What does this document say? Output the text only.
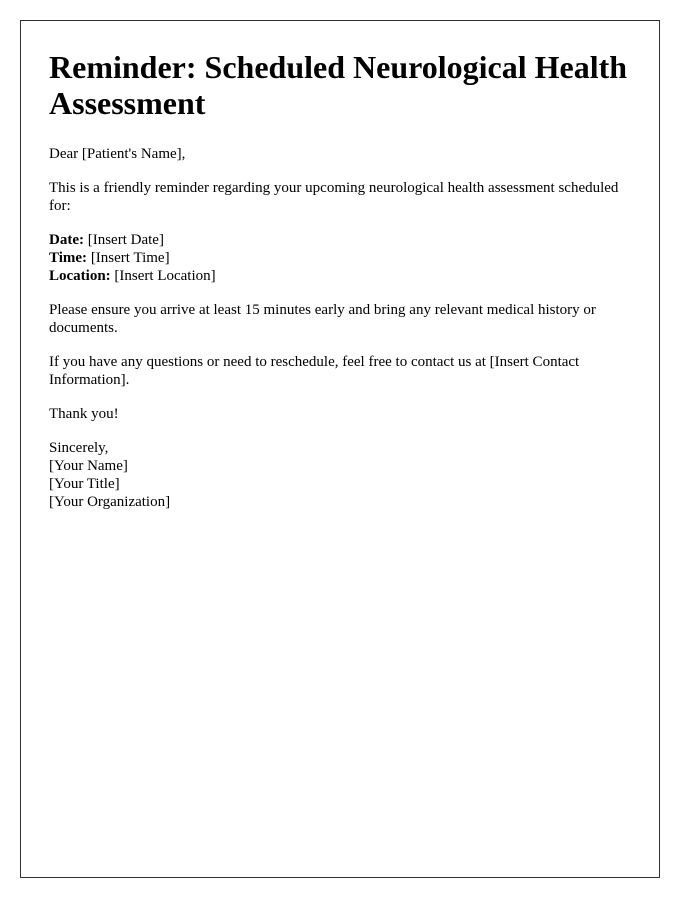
Reminder: Scheduled Neurological Health Assessment

Dear [Patient's Name],

This is a friendly reminder regarding your upcoming neurological health assessment scheduled for:

Date: [Insert Date]
Time: [Insert Time]
Location: [Insert Location]

Please ensure you arrive at least 15 minutes early and bring any relevant medical history or documents.

If you have any questions or need to reschedule, feel free to contact us at [Insert Contact Information].

Thank you!

Sincerely,
[Your Name]
[Your Title]
[Your Organization]
